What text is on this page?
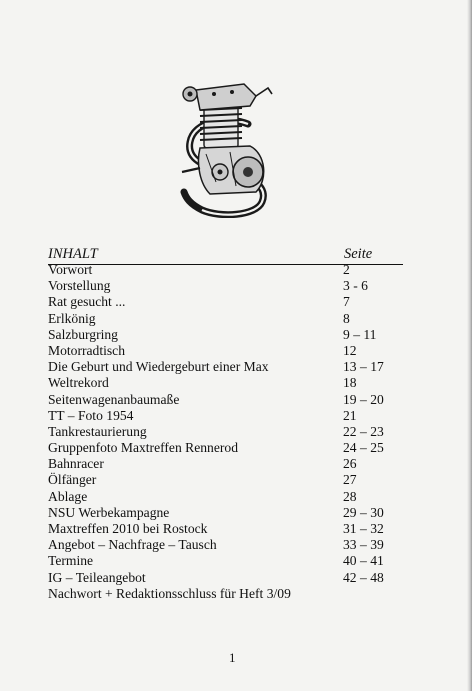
INHALT	Seite
Vorwort	2
Vorstellung	3 - 6
Rat gesucht ...	7
Erlkönig	8
Salzburgring	9 – 11
Motorradtisch	12
Die Geburt und Wiedergeburt einer Max	13 – 17
Weltrekord	18
Seitenwagenanbaumaße	19 – 20
TT – Foto 1954	21
Tankrestaurierung	22 – 23
Gruppenfoto Maxtreffen Rennerod	24 – 25
Bahnracer	26
Ölfänger	27
Ablage	28
NSU Werbekampagne	29 – 30
Maxtreffen 2010 bei Rostock	31 – 32
Angebot – Nachfrage – Tausch	33 – 39
Termine	40 – 41
IG – Teileangebot	42 – 48
Nachwort + Redaktionsschluss für Heft 3/09
1
